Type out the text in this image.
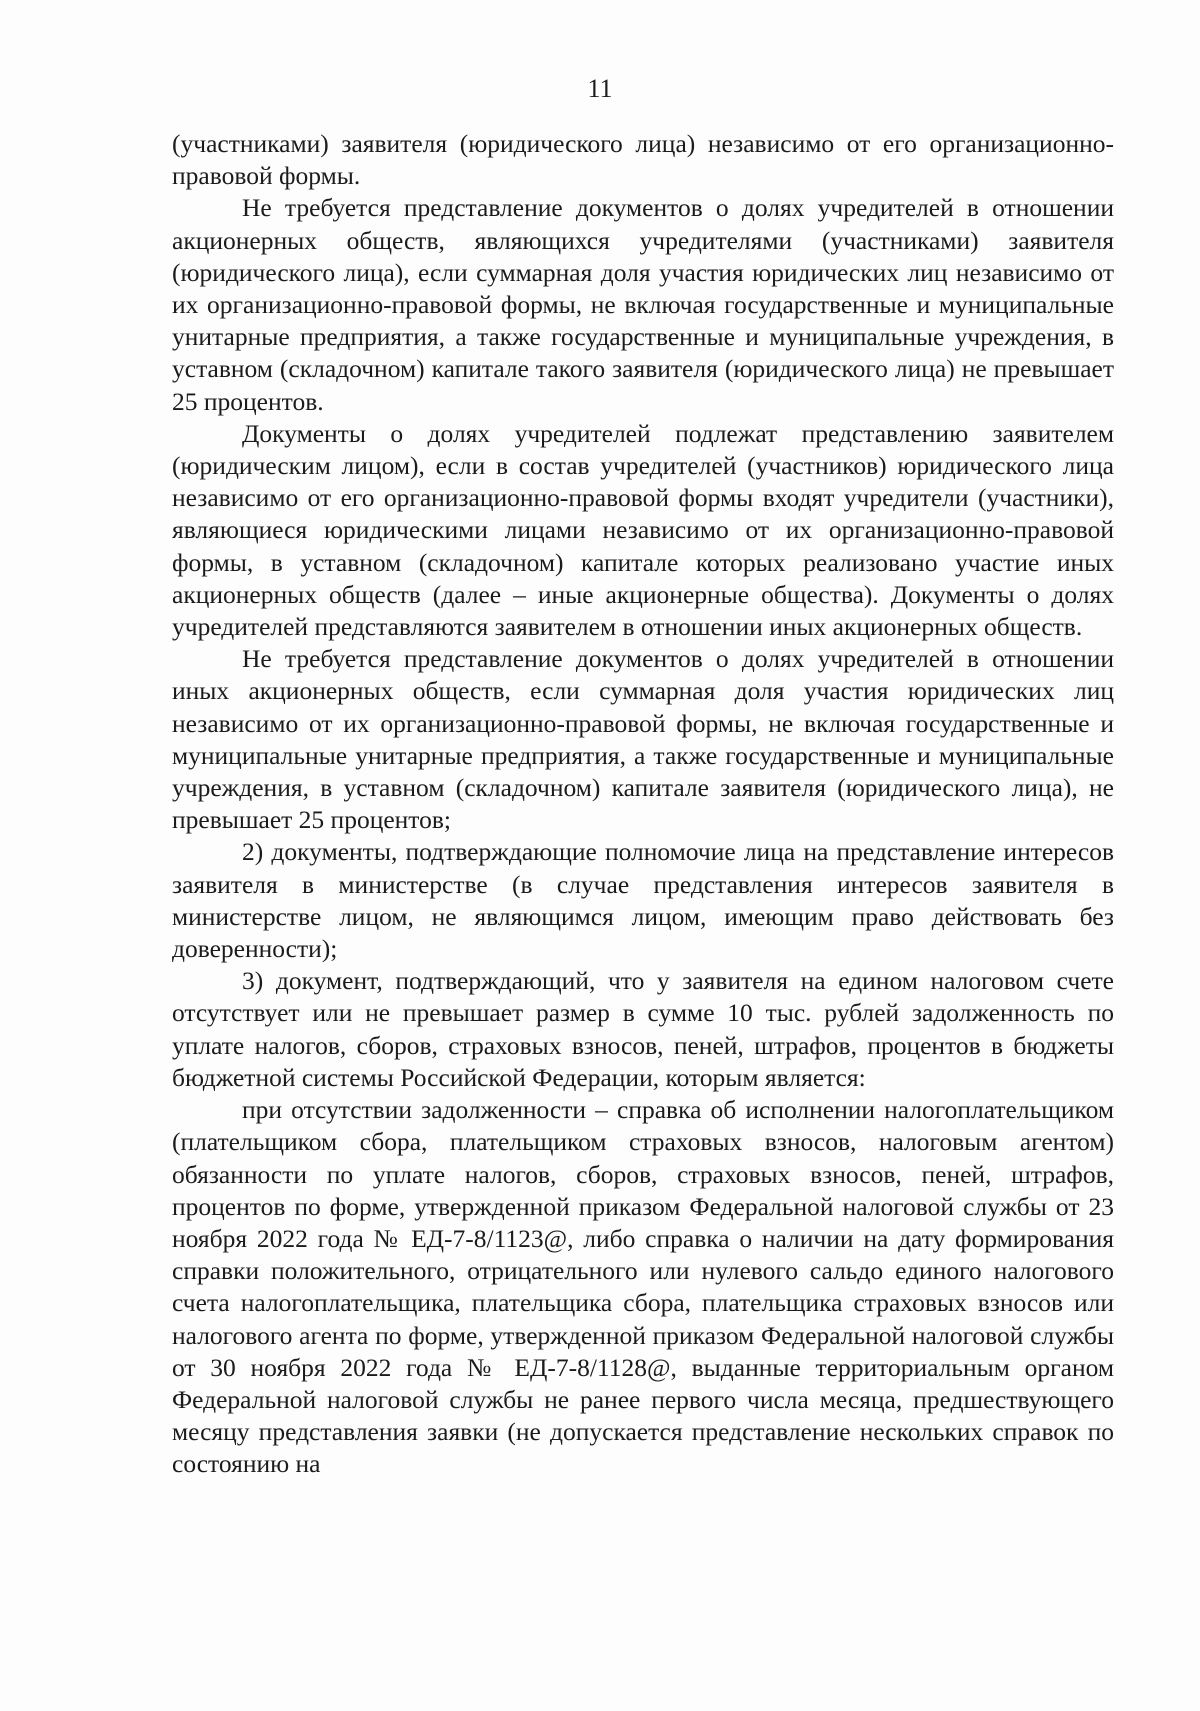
11

(участниками) заявителя (юридического лица) независимо от его организационно-правовой формы.

Не требуется представление документов о долях учредителей в отношении акционерных обществ, являющихся учредителями (участниками) заявителя (юридического лица), если суммарная доля участия юридических лиц независимо от их организационно-правовой формы, не включая государственные и муниципальные унитарные предприятия, а также государственные и муниципальные учреждения, в уставном (складочном) капитале такого заявителя (юридического лица) не превышает 25 процентов.

Документы о долях учредителей подлежат представлению заявителем (юридическим лицом), если в состав учредителей (участников) юридического лица независимо от его организационно-правовой формы входят учредители (участники), являющиеся юридическими лицами независимо от их организационно-правовой формы, в уставном (складочном) капитале которых реализовано участие иных акционерных обществ (далее – иные акционерные общества). Документы о долях учредителей представляются заявителем в отношении иных акционерных обществ.

Не требуется представление документов о долях учредителей в отношении иных акционерных обществ, если суммарная доля участия юридических лиц независимо от их организационно-правовой формы, не включая государственные и муниципальные унитарные предприятия, а также государственные и муниципальные учреждения, в уставном (складочном) капитале заявителя (юридического лица), не превышает 25 процентов;

2) документы, подтверждающие полномочие лица на представление интересов заявителя в министерстве (в случае представления интересов заявителя в министерстве лицом, не являющимся лицом, имеющим право действовать без доверенности);

3) документ, подтверждающий, что у заявителя на едином налоговом счете отсутствует или не превышает размер в сумме 10 тыс. рублей задолженность по уплате налогов, сборов, страховых взносов, пеней, штрафов, процентов в бюджеты бюджетной системы Российской Федерации, которым является:

при отсутствии задолженности – справка об исполнении налогоплательщиком (плательщиком сбора, плательщиком страховых взносов, налоговым агентом) обязанности по уплате налогов, сборов, страховых взносов, пеней, штрафов, процентов по форме, утвержденной приказом Федеральной налоговой службы от 23 ноября 2022 года № ЕД-7-8/1123@, либо справка о наличии на дату формирования справки положительного, отрицательного или нулевого сальдо единого налогового счета налогоплательщика, плательщика сбора, плательщика страховых взносов или налогового агента по форме, утвержденной приказом Федеральной налоговой службы от 30 ноября 2022 года № ЕД-7-8/1128@, выданные территориальным органом Федеральной налоговой службы не ранее первого числа месяца, предшествующего месяцу представления заявки (не допускается представление нескольких справок по состоянию на
